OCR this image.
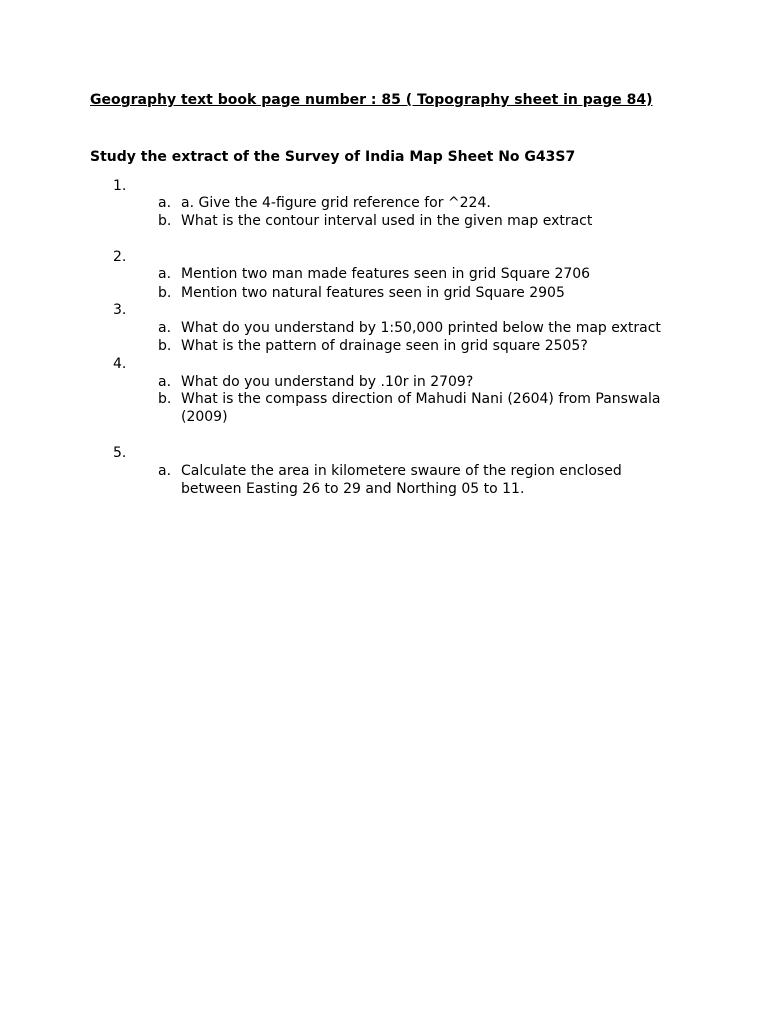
Geography text book page number : 85 ( Topography sheet in page 84)
Study the extract of the Survey of India Map Sheet No G43S7
1.
a. a. Give the 4-figure grid reference for ^224.
b. What is the contour interval used in the given map extract
2.
a. Mention two man made features seen in grid Square 2706
b. Mention two natural features seen in grid Square 2905
3.
a. What do you understand by 1:50,000 printed below the map extract
b. What is the pattern of drainage seen in grid square 2505?
4.
a. What do you understand by .10r in 2709?
b. What is the compass direction of Mahudi Nani (2604) from Panswala (2009)
5.
a. Calculate the area in kilometere swaure of the region enclosed between Easting 26 to 29 and Northing 05 to 11.
